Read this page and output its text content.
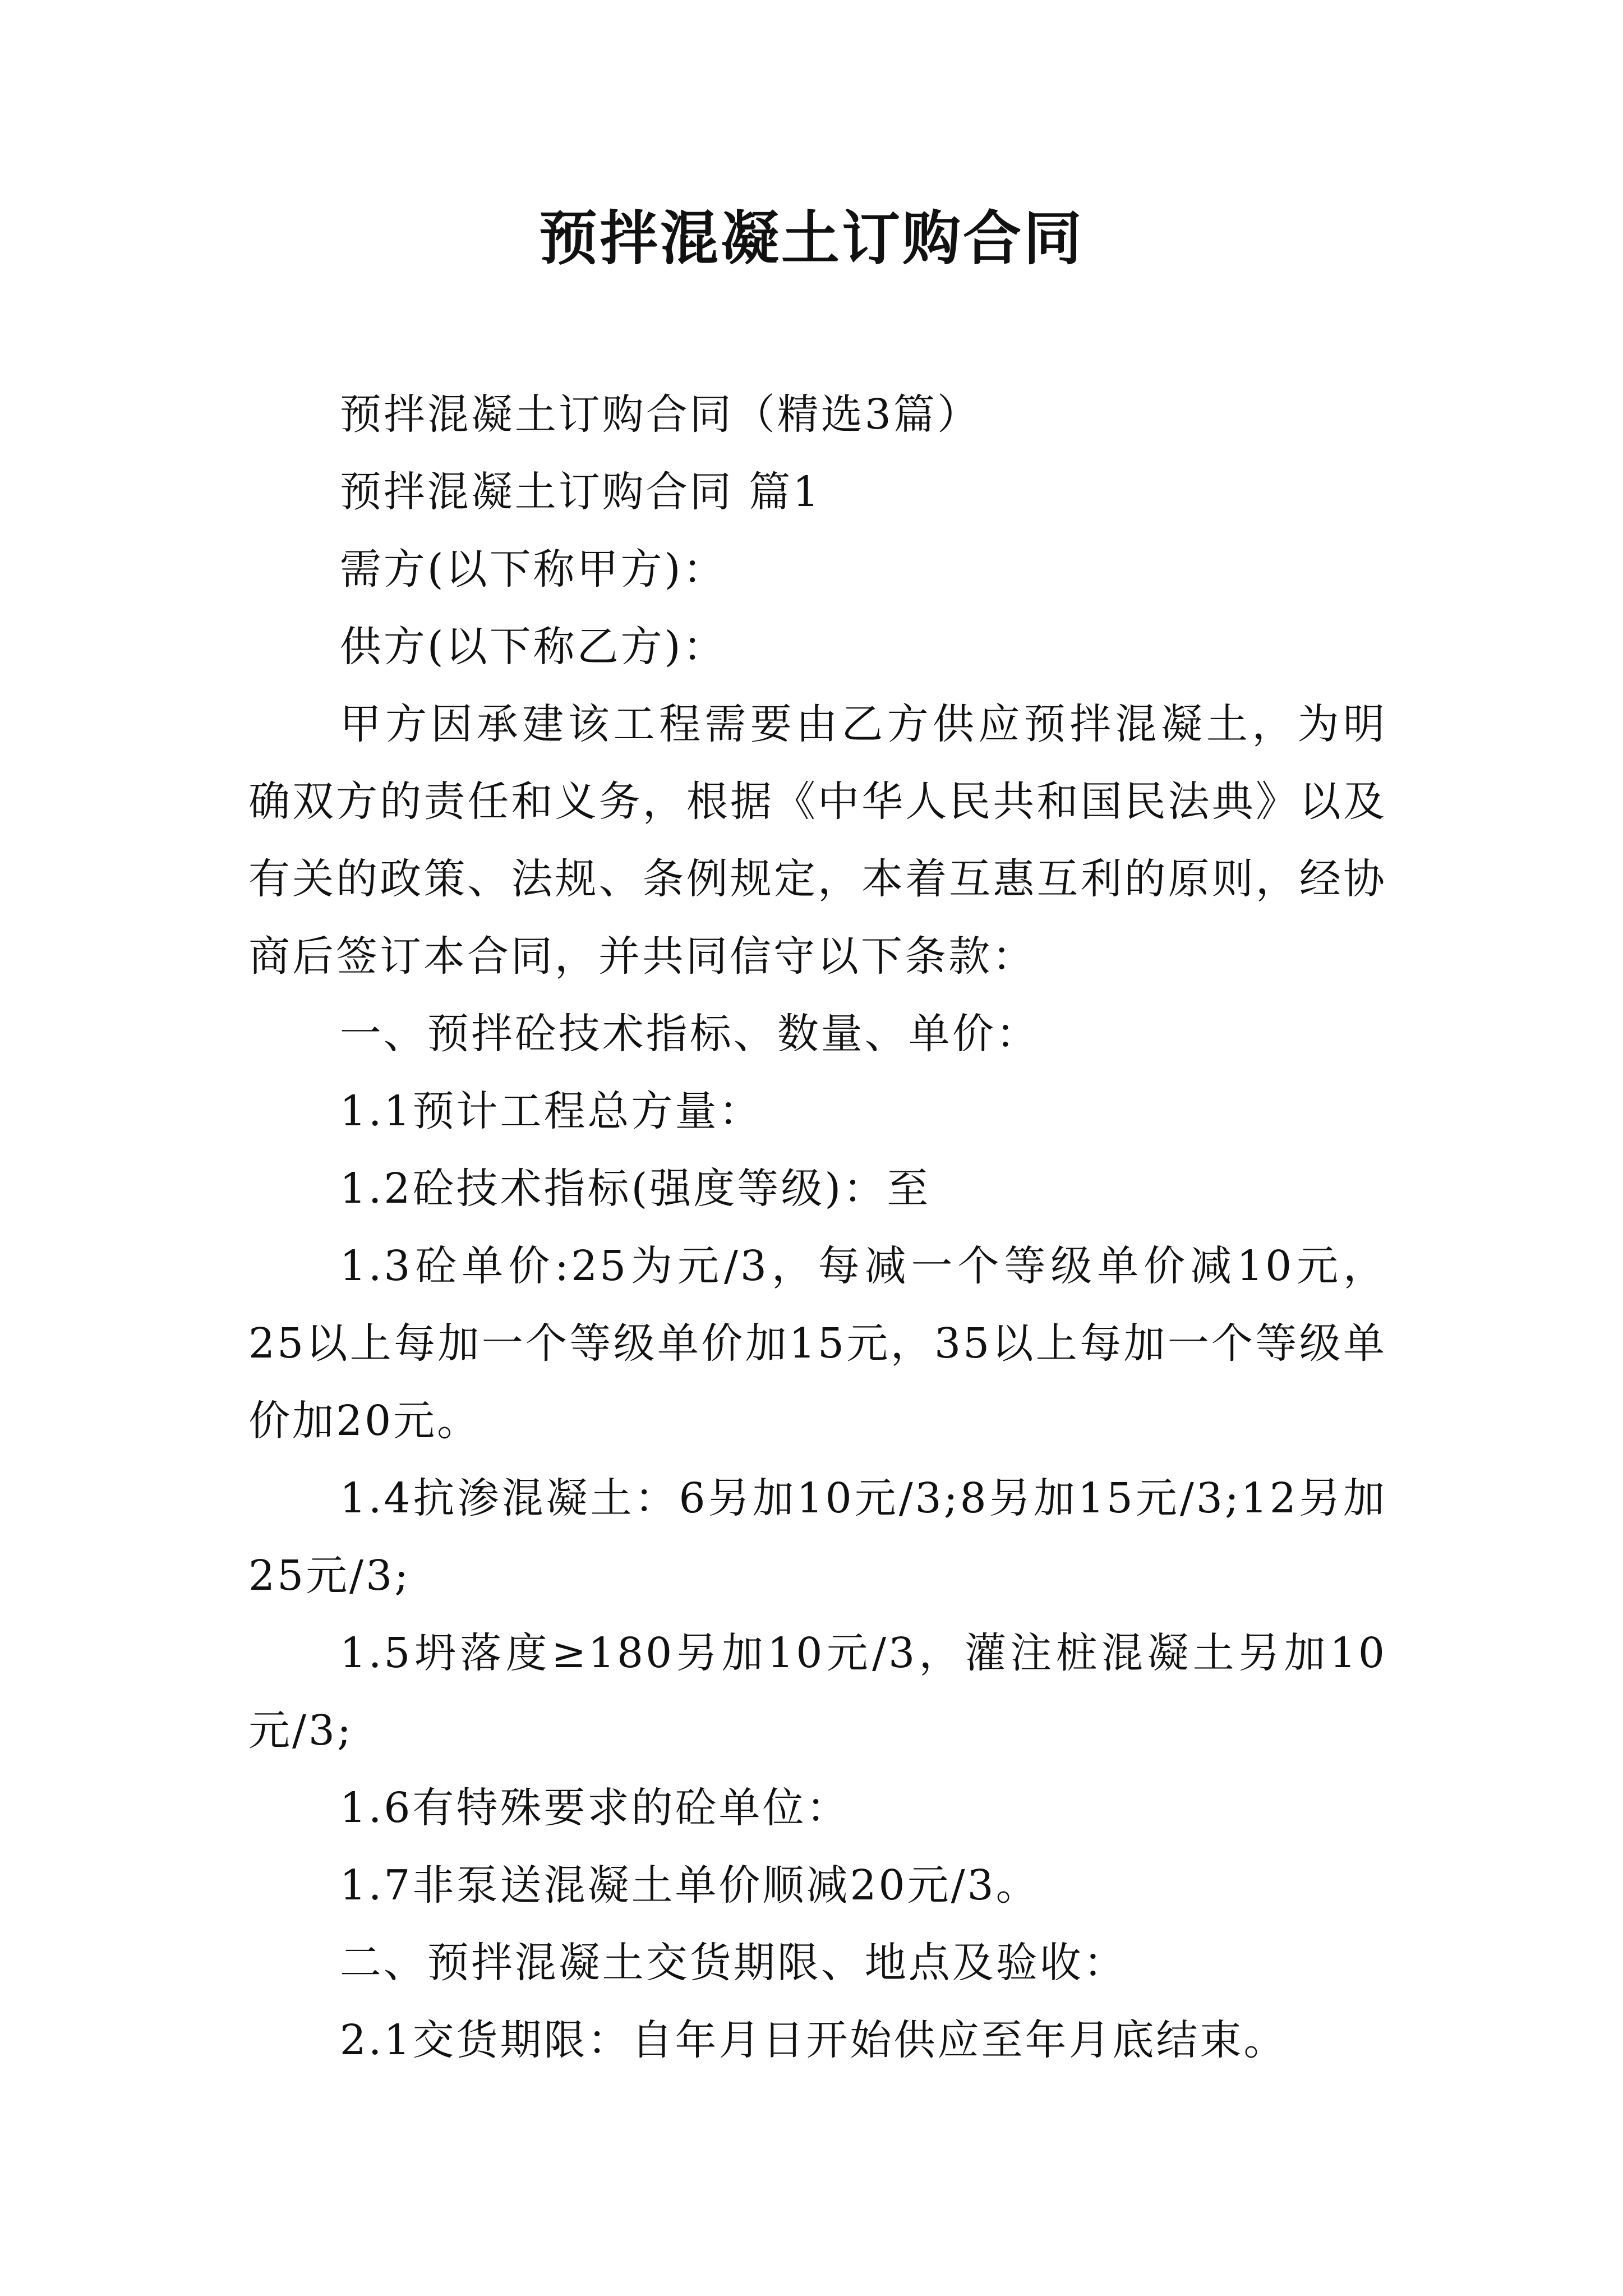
预拌混凝土订购合同

预拌混凝土订购合同（精选3篇）

预拌混凝土订购合同 篇1

需方(以下称甲方)：

供方(以下称乙方)：

甲方因承建该工程需要由乙方供应预拌混凝土，为明确双方的责任和义务，根据《中华人民共和国民法典》以及有关的政策、法规、条例规定，本着互惠互利的原则，经协商后签订本合同，并共同信守以下条款：

一、预拌砼技术指标、数量、单价：

1.1预计工程总方量：

1.2砼技术指标(强度等级)：至

1.3砼单价:25为元/3，每减一个等级单价减10元，25以上每加一个等级单价加15元，35以上每加一个等级单价加20元。

1.4抗渗混凝土：6另加10元/3;8另加15元/3;12另加25元/3;

1.5坍落度≥180另加10元/3，灌注桩混凝土另加10元/3;

1.6有特殊要求的砼单位：

1.7非泵送混凝土单价顺减20元/3。

二、预拌混凝土交货期限、地点及验收：

2.1交货期限：自年月日开始供应至年月底结束。
